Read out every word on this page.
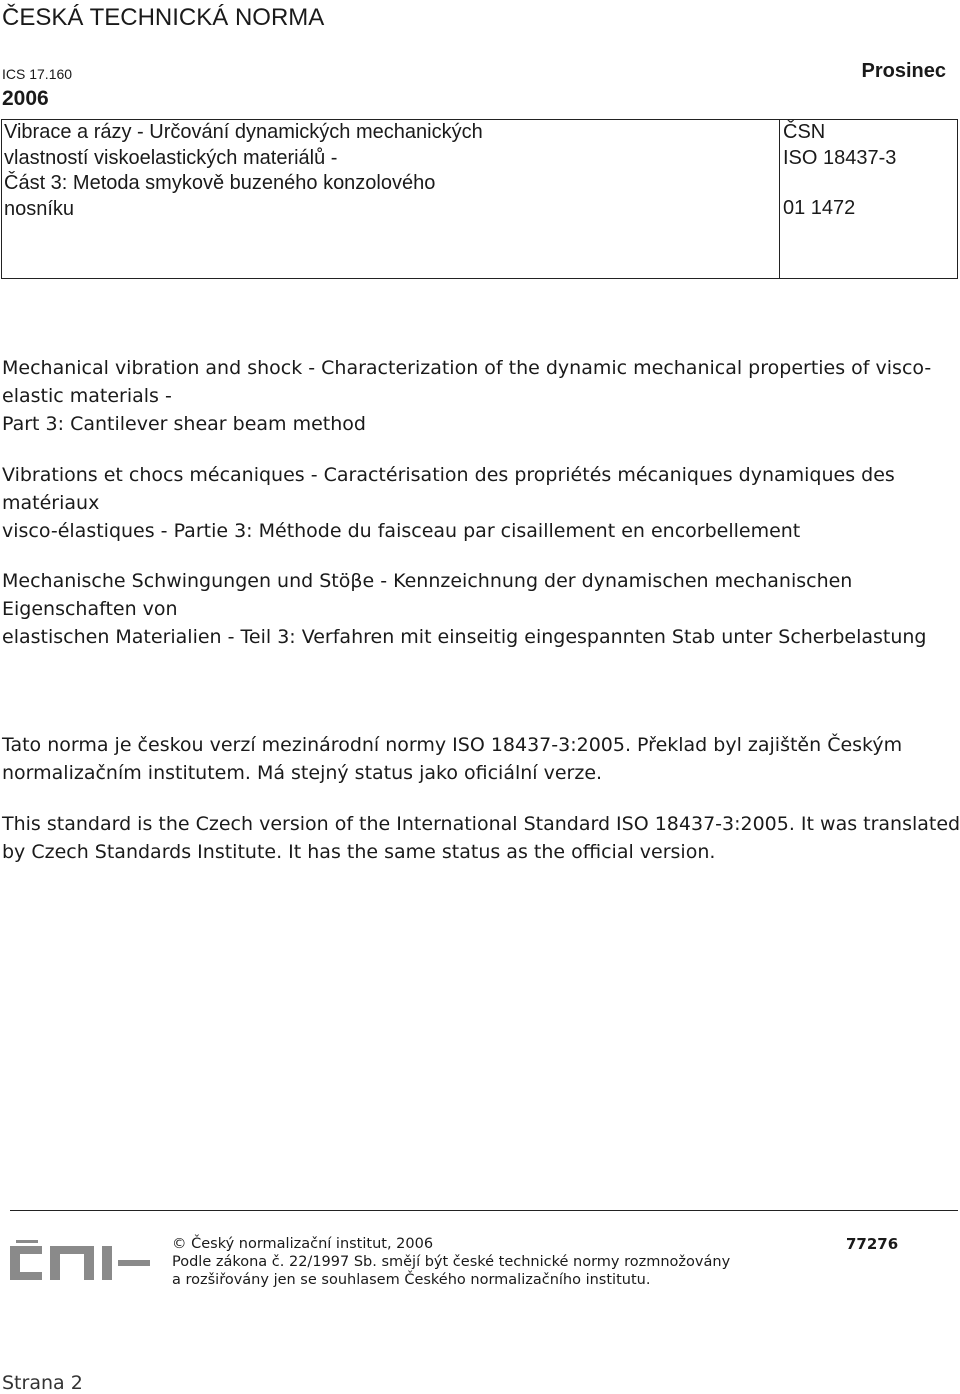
ČESKÁ TECHNICKÁ NORMA
ICS 17.160	Prosinec
2006
Vibrace a rázy - Určování dynamických mechanických
vlastností viskoelastických materiálů -
Část 3: Metoda smykově buzeného konzolového
nosníku
ČSN
ISO 18437-3
01 1472
Mechanical vibration and shock - Characterization of the dynamic mechanical properties of visco-
elastic materials -
Part 3: Cantilever shear beam method
Vibrations et chocs mécaniques - Caractérisation des propriétés mécaniques dynamiques des
matériaux
visco-élastiques - Partie 3: Méthode du faisceau par cisaillement en encorbellement
Mechanische Schwingungen und Stöβe - Kennzeichnung der dynamischen mechanischen
Eigenschaften von
elastischen Materialien - Teil 3: Verfahren mit einseitig eingespannten Stab unter Scherbelastung
Tato norma je českou verzí mezinárodní normy ISO 18437-3:2005. Překlad byl zajištěn Českým
normalizačním institutem. Má stejný status jako oficiální verze.
This standard is the Czech version of the International Standard ISO 18437-3:2005. It was translated
by Czech Standards Institute. It has the same status as the official version.
© Český normalizační institut, 2006
Podle zákona č. 22/1997 Sb. smějí být české technické normy rozmnožovány
a rozšiřovány jen se souhlasem Českého normalizačního institutu.
77276
Strana 2
